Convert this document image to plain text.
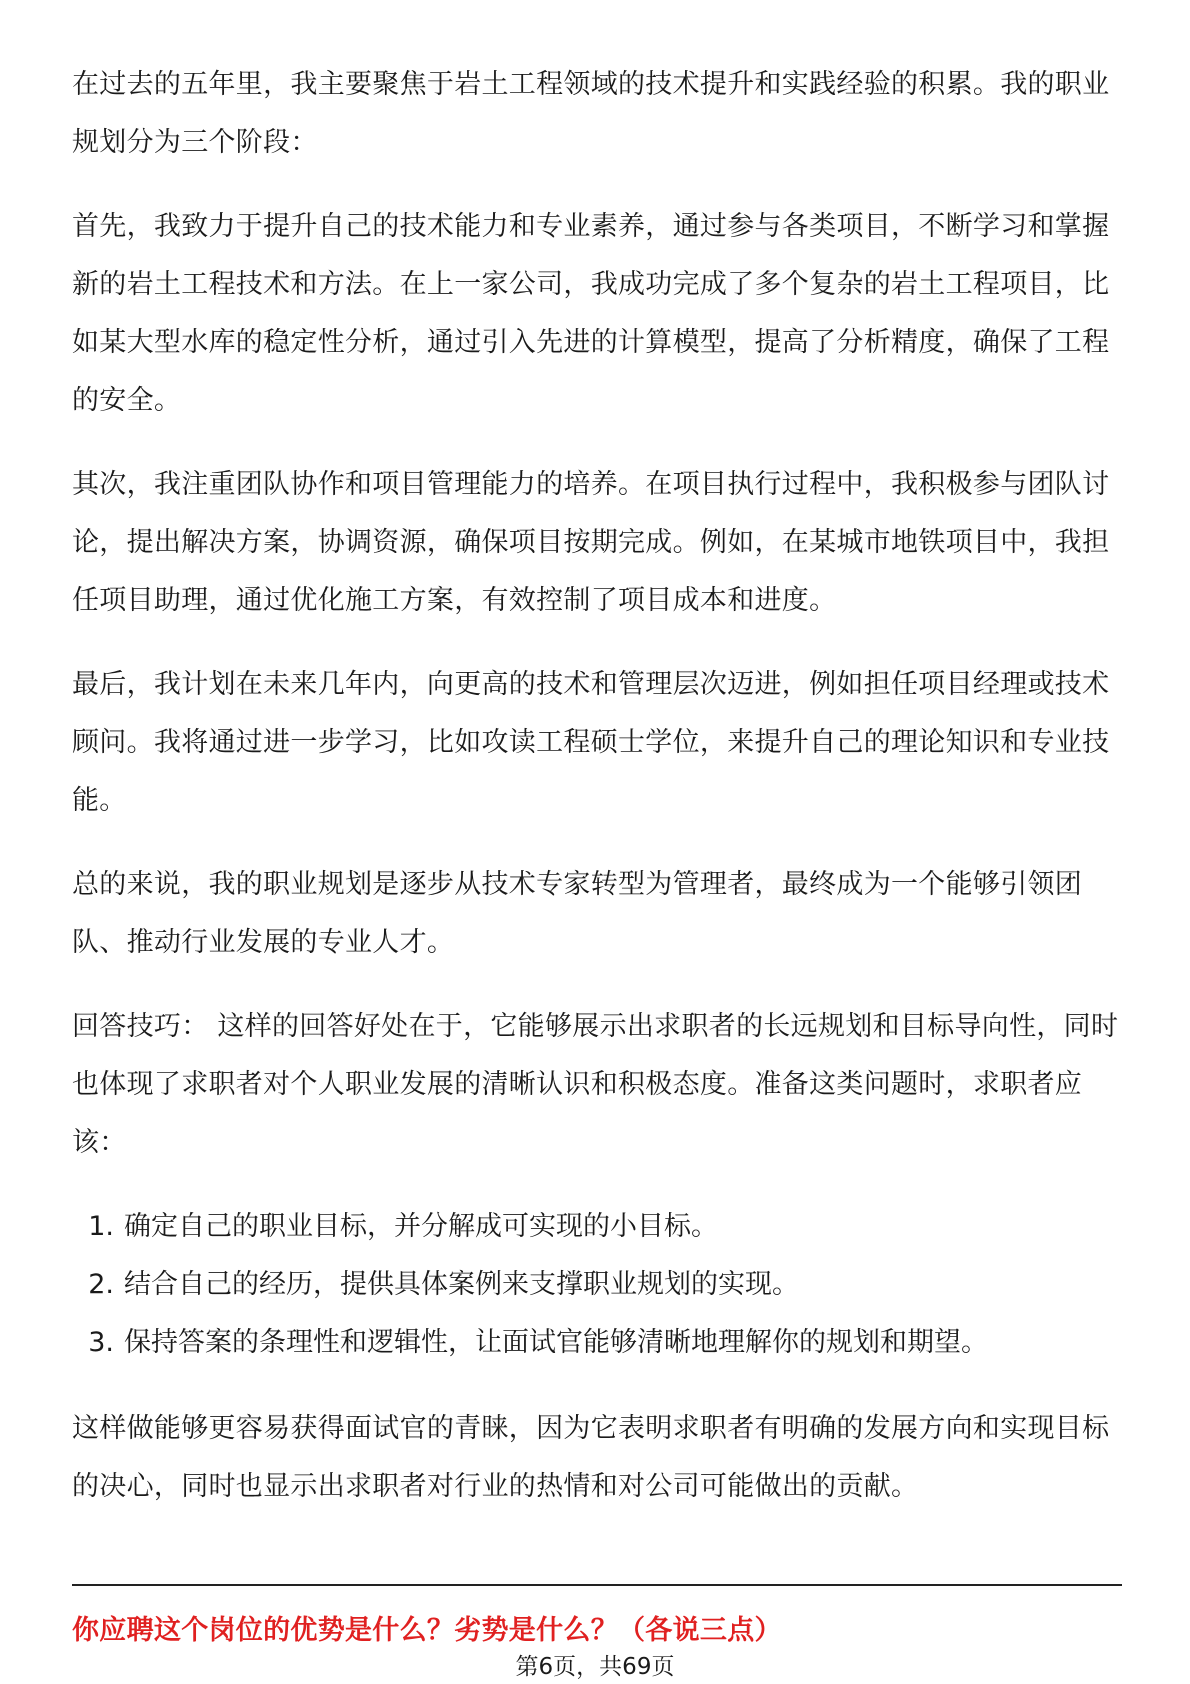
在过去的五年里，我主要聚焦于岩土工程领域的技术提升和实践经验的积累。我的职业规划分为三个阶段：

首先，我致力于提升自己的技术能力和专业素养，通过参与各类项目，不断学习和掌握新的岩土工程技术和方法。在上一家公司，我成功完成了多个复杂的岩土工程项目，比如某大型水库的稳定性分析，通过引入先进的计算模型，提高了分析精度，确保了工程的安全。

其次，我注重团队协作和项目管理能力的培养。在项目执行过程中，我积极参与团队讨论，提出解决方案，协调资源，确保项目按期完成。例如，在某城市地铁项目中，我担任项目助理，通过优化施工方案，有效控制了项目成本和进度。

最后，我计划在未来几年内，向更高的技术和管理层次迈进，例如担任项目经理或技术顾问。我将通过进一步学习，比如攻读工程硕士学位，来提升自己的理论知识和专业技能。

总的来说，我的职业规划是逐步从技术专家转型为管理者，最终成为一个能够引领团队、推动行业发展的专业人才。

回答技巧： 这样的回答好处在于，它能够展示出求职者的长远规划和目标导向性，同时也体现了求职者对个人职业发展的清晰认识和积极态度。准备这类问题时，求职者应该：

1. 确定自己的职业目标，并分解成可实现的小目标。
2. 结合自己的经历，提供具体案例来支撑职业规划的实现。
3. 保持答案的条理性和逻辑性，让面试官能够清晰地理解你的规划和期望。

这样做能够更容易获得面试官的青睐，因为它表明求职者有明确的发展方向和实现目标的决心，同时也显示出求职者对行业的热情和对公司可能做出的贡献。

你应聘这个岗位的优势是什么？劣势是什么？（各说三点）
第6页，共69页
